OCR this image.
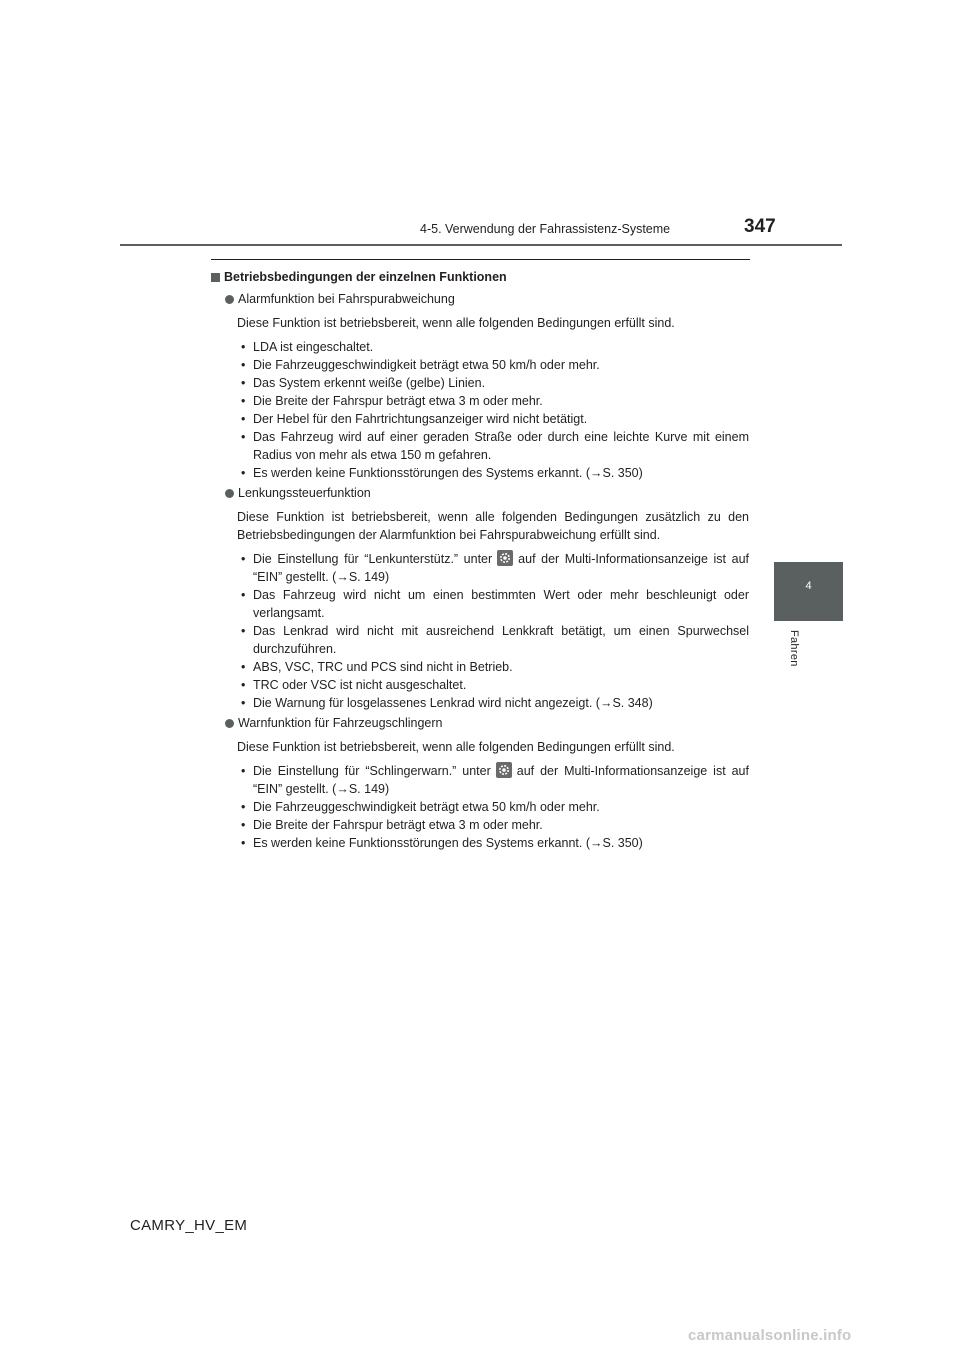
4-5. Verwendung der Fahrassistenz-Systeme	347
4
Fahren
Betriebsbedingungen der einzelnen Funktionen
Alarmfunktion bei Fahrspurabweichung

Diese Funktion ist betriebsbereit, wenn alle folgenden Bedingungen erfüllt sind.

• LDA ist eingeschaltet.
• Die Fahrzeuggeschwindigkeit beträgt etwa 50 km/h oder mehr.
• Das System erkennt weiße (gelbe) Linien.
• Die Breite der Fahrspur beträgt etwa 3 m oder mehr.
• Der Hebel für den Fahrtrichtungsanzeiger wird nicht betätigt.
• Das Fahrzeug wird auf einer geraden Straße oder durch eine leichte Kurve mit einem Radius von mehr als etwa 150 m gefahren.
• Es werden keine Funktionsstörungen des Systems erkannt. (→S. 350)
Lenkungssteuerfunktion

Diese Funktion ist betriebsbereit, wenn alle folgenden Bedingungen zusätzlich zu den Betriebsbedingungen der Alarmfunktion bei Fahrspurabweichung erfüllt sind.

• Die Einstellung für “Lenkunterstütz.” unter auf der Multi-Informationsanzeige ist auf “EIN” gestellt. (→S. 149)
• Das Fahrzeug wird nicht um einen bestimmten Wert oder mehr beschleunigt oder verlangsamt.
• Das Lenkrad wird nicht mit ausreichend Lenkkraft betätigt, um einen Spurwechsel durchzuführen.
• ABS, VSC, TRC und PCS sind nicht in Betrieb.
• TRC oder VSC ist nicht ausgeschaltet.
• Die Warnung für losgelassenes Lenkrad wird nicht angezeigt. (→S. 348)
Warnfunktion für Fahrzeugschlingern

Diese Funktion ist betriebsbereit, wenn alle folgenden Bedingungen erfüllt sind.

• Die Einstellung für “Schlingerwarn.” unter auf der Multi-Informationsanzeige ist auf “EIN” gestellt. (→S. 149)
• Die Fahrzeuggeschwindigkeit beträgt etwa 50 km/h oder mehr.
• Die Breite der Fahrspur beträgt etwa 3 m oder mehr.
• Es werden keine Funktionsstörungen des Systems erkannt. (→S. 350)
CAMRY_HV_EM
carmanualsonline.info
